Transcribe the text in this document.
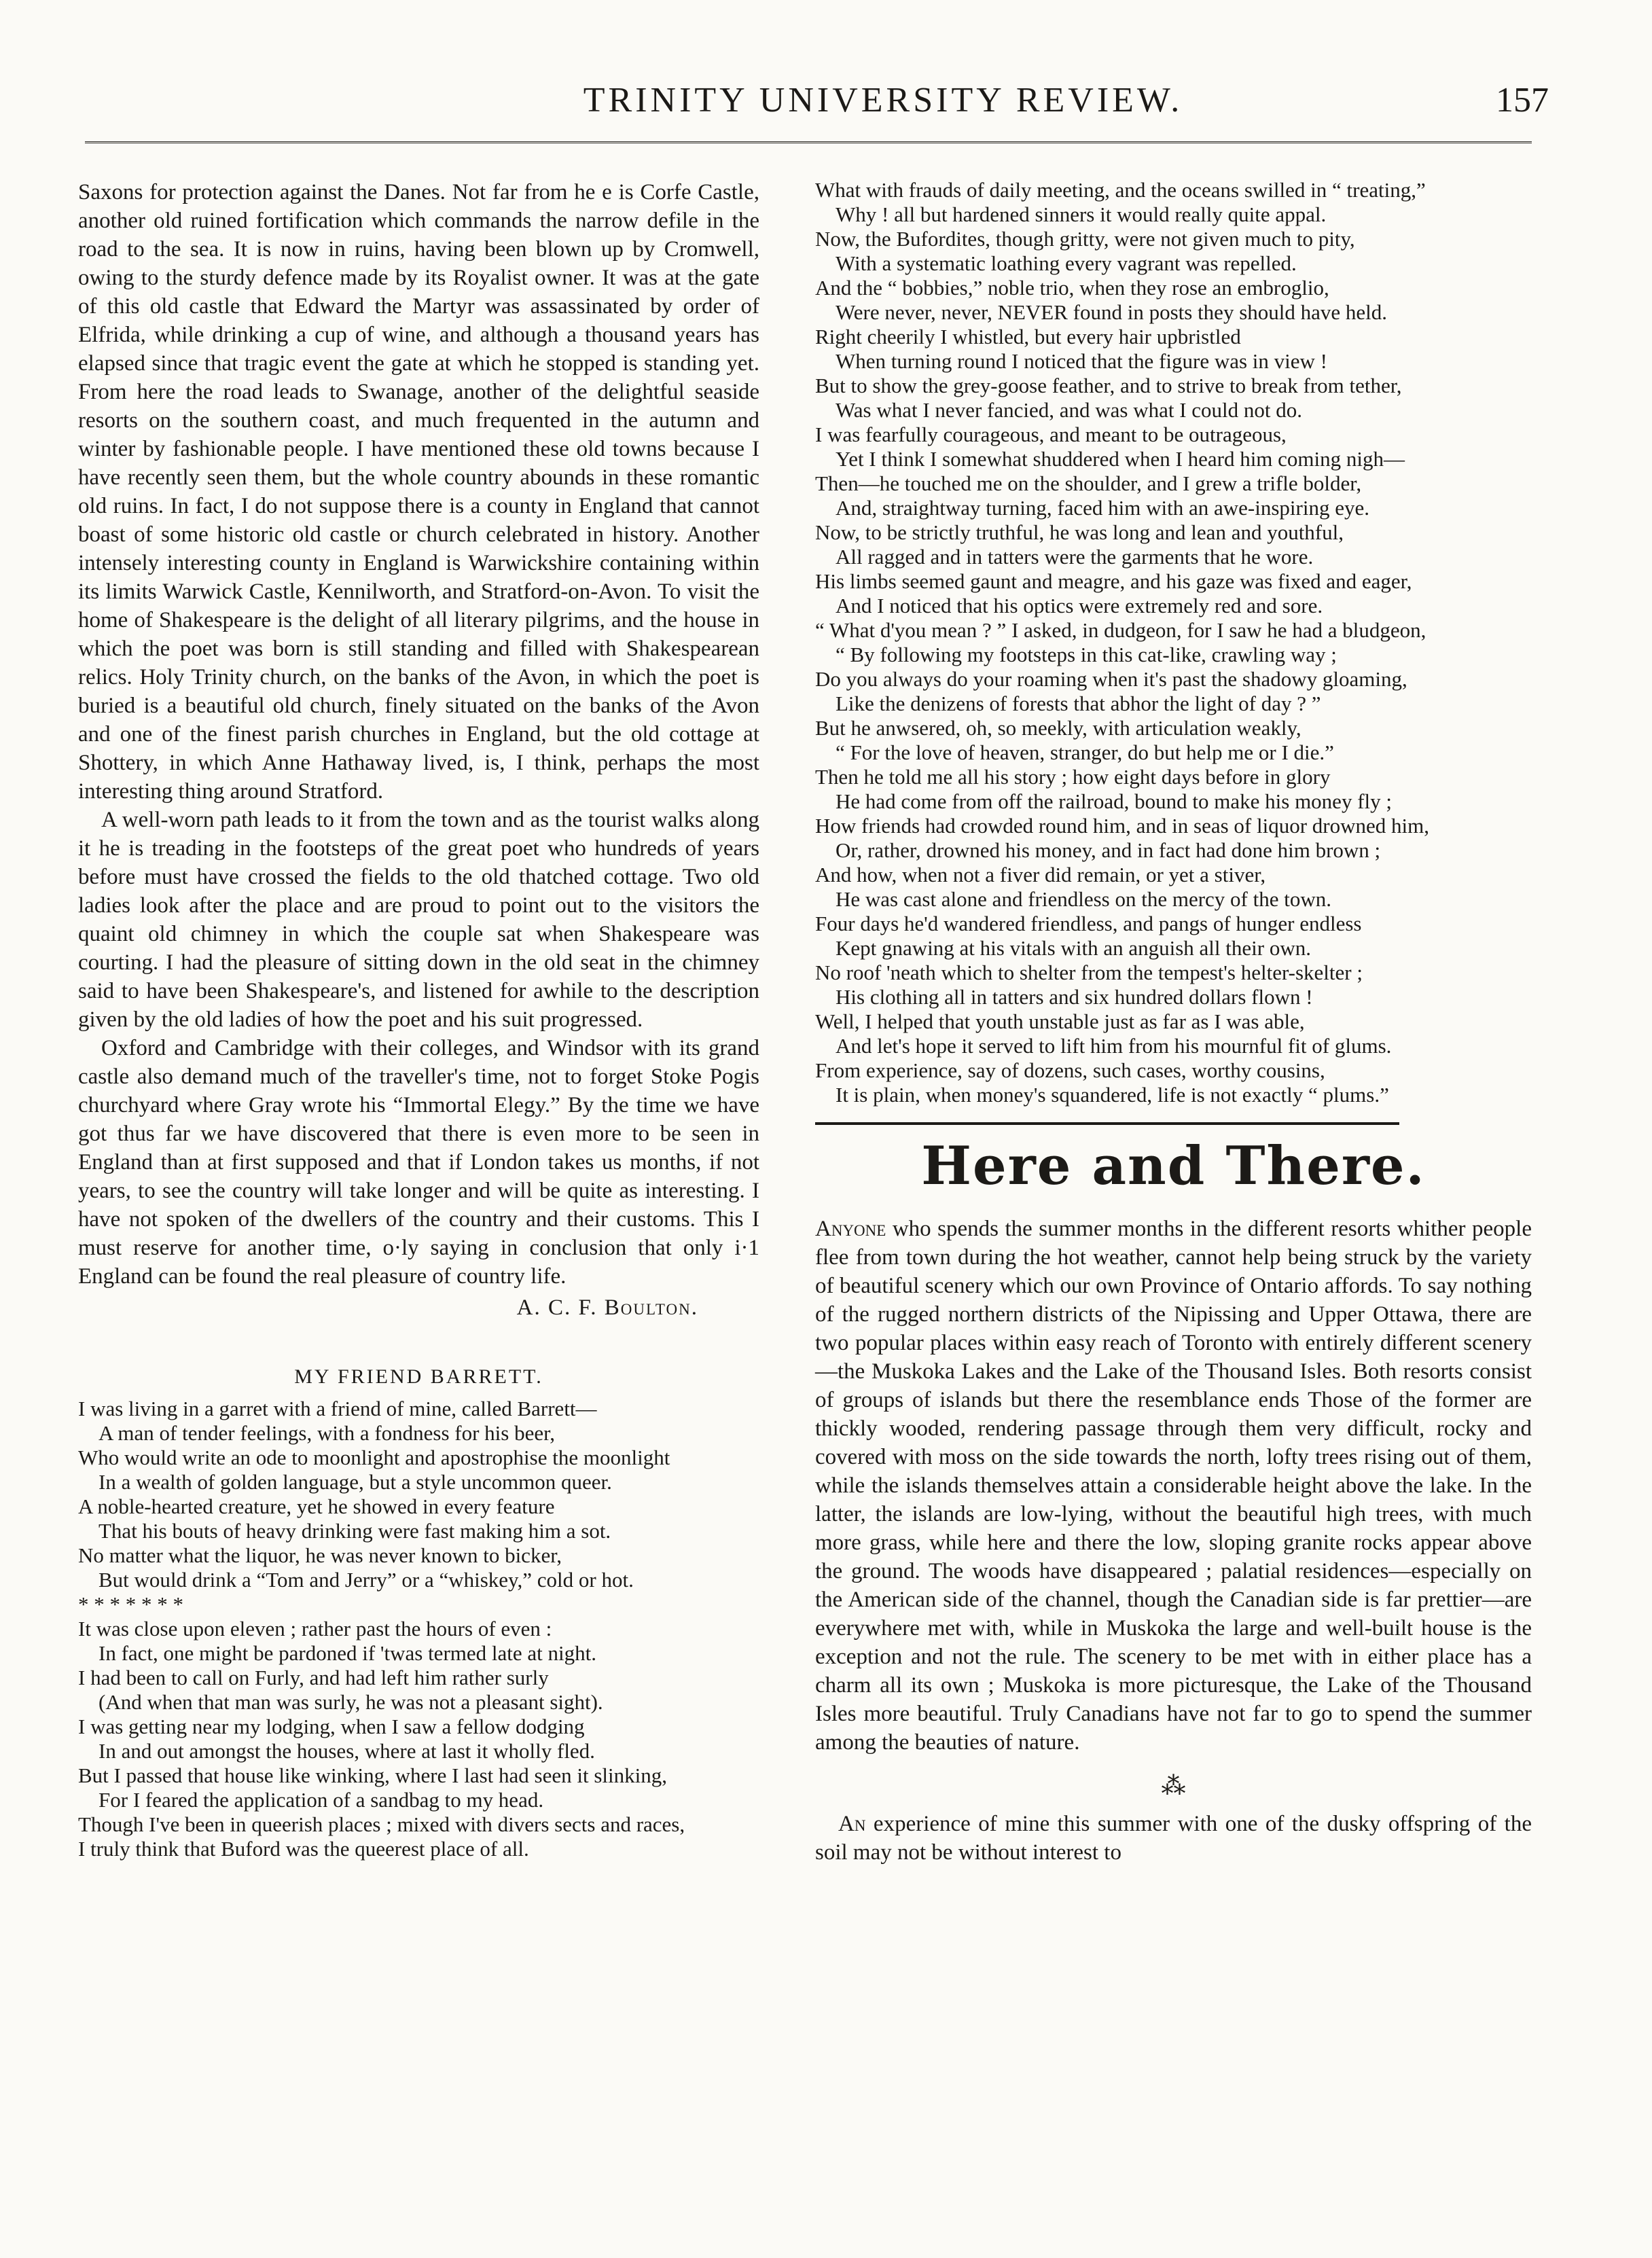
TRINITY UNIVERSITY REVIEW.	157

Saxons for protection against the Danes. Not far from he e is Corfe Castle, another old ruined fortification which commands the narrow defile in the road to the sea. It is now in ruins, having been blown up by Cromwell, owing to the sturdy defence made by its Royalist owner. It was at the gate of this old castle that Edward the Martyr was assassinated by order of Elfrida, while drinking a cup of wine, and although a thousand years has elapsed since that tragic event the gate at which he stopped is standing yet. From here the road leads to Swanage, another of the delightful seaside resorts on the southern coast, and much frequented in the autumn and winter by fashionable people. I have mentioned these old towns because I have recently seen them, but the whole country abounds in these romantic old ruins. In fact, I do not suppose there is a county in England that cannot boast of some historic old castle or church celebrated in history. Another intensely interesting county in England is Warwickshire containing within its limits Warwick Castle, Kennilworth, and Stratford-on-Avon. To visit the home of Shakespeare is the delight of all literary pilgrims, and the house in which the poet was born is still standing and filled with Shakespearean relics. Holy Trinity church, on the banks of the Avon, in which the poet is buried is a beautiful old church, finely situated on the banks of the Avon and one of the finest parish churches in England, but the old cottage at Shottery, in which Anne Hathaway lived, is, I think, perhaps the most interesting thing around Stratford.

A well-worn path leads to it from the town and as the tourist walks along it he is treading in the footsteps of the great poet who hundreds of years before must have crossed the fields to the old thatched cottage. Two old ladies look after the place and are proud to point out to the visitors the quaint old chimney in which the couple sat when Shakespeare was courting. I had the pleasure of sitting down in the old seat in the chimney said to have been Shakespeare's, and listened for awhile to the description given by the old ladies of how the poet and his suit progressed.

Oxford and Cambridge with their colleges, and Windsor with its grand castle also demand much of the traveller's time, not to forget Stoke Pogis churchyard where Gray wrote his “Immortal Elegy.” By the time we have got thus far we have discovered that there is even more to be seen in England than at first supposed and that if London takes us months, if not years, to see the country will take longer and will be quite as interesting. I have not spoken of the dwellers of the country and their customs. This I must reserve for another time, o·ly saying in conclusion that only i·1 England can be found the real pleasure of country life.

A. C. F. Boulton.
MY FRIEND BARRETT.
I was living in a garret with a friend of mine, called Barrett—
A man of tender feelings, with a fondness for his beer,
Who would write an ode to moonlight and apostrophise the moonlight
In a wealth of golden language, but a style uncommon queer.
A noble-hearted creature, yet he showed in every feature
That his bouts of heavy drinking were fast making him a sot.
No matter what the liquor, he was never known to bicker,
But would drink a “Tom and Jerry” or a “whiskey,” cold or hot.
* * * * * * *
It was close upon eleven ; rather past the hours of even :
In fact, one might be pardoned if 'twas termed late at night.
I had been to call on Furly, and had left him rather surly
(And when that man was surly, he was not a pleasant sight).
I was getting near my lodging, when I saw a fellow dodging
In and out amongst the houses, where at last it wholly fled.
But I passed that house like winking, where I last had seen it slinking,
For I feared the application of a sandbag to my head.
Though I've been in queerish places ; mixed with divers sects and races,
I truly think that Buford was the queerest place of all.
What with frauds of daily meeting, and the oceans swilled in “ treating,”
Why ! all but hardened sinners it would really quite appal.
Now, the Bufordites, though gritty, were not given much to pity,
With a systematic loathing every vagrant was repelled.
And the “ bobbies,” noble trio, when they rose an embroglio,
Were never, never, NEVER found in posts they should have held.
Right cheerily I whistled, but every hair upbristled
When turning round I noticed that the figure was in view !
But to show the grey-goose feather, and to strive to break from tether,
Was what I never fancied, and was what I could not do.
I was fearfully courageous, and meant to be outrageous,
Yet I think I somewhat shuddered when I heard him coming nigh—
Then—he touched me on the shoulder, and I grew a trifle bolder,
And, straightway turning, faced him with an awe-inspiring eye.
Now, to be strictly truthful, he was long and lean and youthful,
All ragged and in tatters were the garments that he wore.
His limbs seemed gaunt and meagre, and his gaze was fixed and eager,
And I noticed that his optics were extremely red and sore.
“ What d'you mean ? ” I asked, in dudgeon, for I saw he had a bludgeon,
“ By following my footsteps in this cat-like, crawling way ;
Do you always do your roaming when it's past the shadowy gloaming,
Like the denizens of forests that abhor the light of day ? ”
But he anwsered, oh, so meekly, with articulation weakly,
“ For the love of heaven, stranger, do but help me or I die.”
Then he told me all his story ; how eight days before in glory
He had come from off the railroad, bound to make his money fly ;
How friends had crowded round him, and in seas of liquor drowned him,
Or, rather, drowned his money, and in fact had done him brown ;
And how, when not a fiver did remain, or yet a stiver,
He was cast alone and friendless on the mercy of the town.
Four days he'd wandered friendless, and pangs of hunger endless
Kept gnawing at his vitals with an anguish all their own.
No roof 'neath which to shelter from the tempest's helter-skelter ;
His clothing all in tatters and six hundred dollars flown !
Well, I helped that youth unstable just as far as I was able,
And let's hope it served to lift him from his mournful fit of glums.
From experience, say of dozens, such cases, worthy cousins,
It is plain, when money's squandered, life is not exactly “ plums.”
Here and There.

Anyone who spends the summer months in the different resorts whither people flee from town during the hot weather, cannot help being struck by the variety of beautiful scenery which our own Province of Ontario affords. To say nothing of the rugged northern districts of the Nipissing and Upper Ottawa, there are two popular places within easy reach of Toronto with entirely different scenery—the Muskoka Lakes and the Lake of the Thousand Isles. Both resorts consist of groups of islands but there the resemblance ends Those of the former are thickly wooded, rendering passage through them very difficult, rocky and covered with moss on the side towards the north, lofty trees rising out of them, while the islands themselves attain a considerable height above the lake. In the latter, the islands are low-lying, without the beautiful high trees, with much more grass, while here and there the low, sloping granite rocks appear above the ground. The woods have disappeared ; palatial residences—especially on the American side of the channel, though the Canadian side is far prettier—are everywhere met with, while in Muskoka the large and well-built house is the exception and not the rule. The scenery to be met with in either place has a charm all its own ; Muskoka is more picturesque, the Lake of the Thousand Isles more beautiful. Truly Canadians have not far to go to spend the summer among the beauties of nature.

⁂

An experience of mine this summer with one of the dusky offspring of the soil may not be without interest to
